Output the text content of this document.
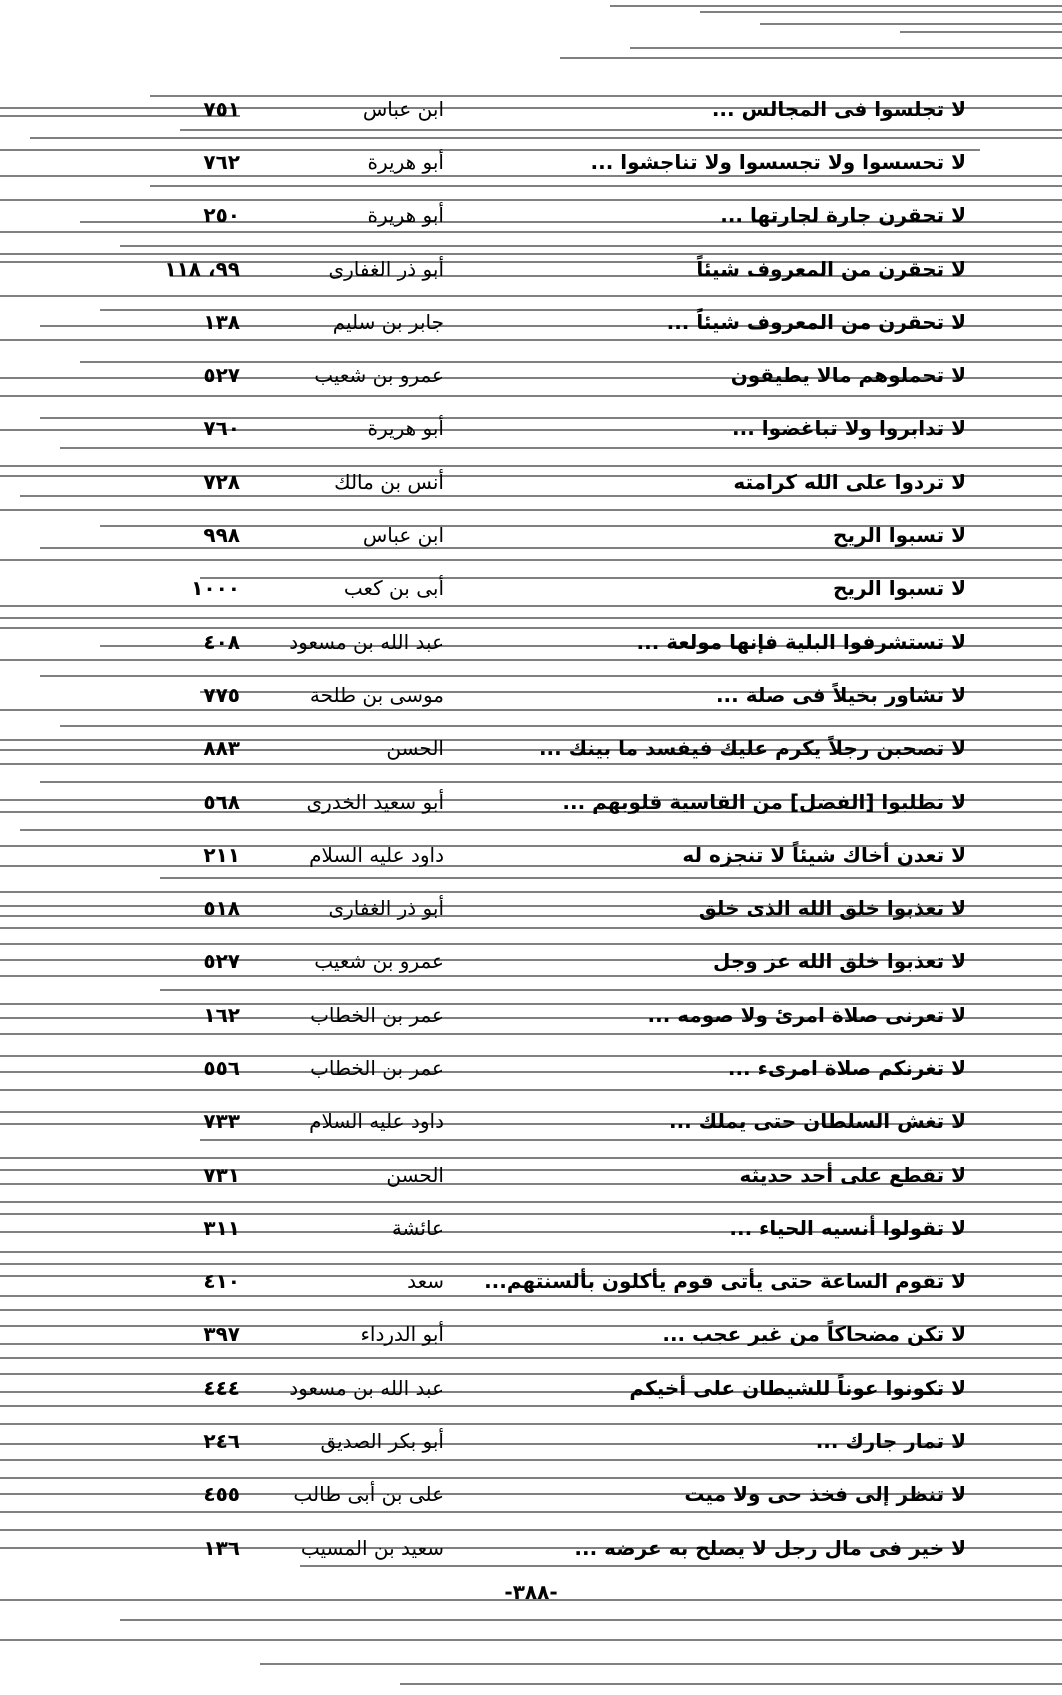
لا تجلسوا فى المجالس ...
ابن عباس
٧٥١
لا تحسسوا ولا تجسسوا ولا تناجشوا ...
أبو هريرة
٧٦٢
لا تحقرن جارة لجارتها ...
أبو هريرة
٢٥٠
لا تحقرن من المعروف شيئاً
أبو ذر الغفارى
٩٩، ١١٨
لا تحقرن من المعروف شيئاً ...
جابر بن سليم
١٣٨
لا تحملوهم مالا يطيقون
عمرو بن شعيب
٥٢٧
لا تدابروا ولا تباغضوا ...
أبو هريرة
٧٦٠
لا تردوا على الله كرامته
أنس بن مالك
٧٢٨
لا تسبوا الريح
ابن عباس
٩٩٨
لا تسبوا الريح
أبى بن كعب
١٠٠٠
لا تستشرفوا البلية فإنها مولعة ...
عبد الله بن مسعود
٤٠٨
لا تشاور بخيلاً فى صلة ...
موسى بن طلحة
٧٧٥
لا تصحبن رجلاً يكرم عليك فيفسد ما بينك ...
الحسن
٨٨٣
لا تطلبوا [الفضل] من القاسية قلوبهم ...
أبو سعيد الخدرى
٥٦٨
لا تعدن أخاك شيئاً لا تنجزه له
داود عليه السلام
٢١١
لا تعذبوا خلق الله الذى خلق
أبو ذر الغفارى
٥١٨
لا تعذبوا خلق الله عز وجل
عمرو بن شعيب
٥٢٧
لا تعرنى صلاة امرئ ولا صومه ...
عمر بن الخطاب
١٦٢
لا تغرنكم صلاة امرىء ...
عمر بن الخطاب
٥٥٦
لا تغش السلطان حتى يملك ...
داود عليه السلام
٧٣٣
لا تقطع على أحد حديثه
الحسن
٧٣١
لا تقولوا أنسيه الحياء ...
عائشة
٣١١
لا تقوم الساعة حتى يأتى قوم يأكلون بألسنتهم...
سعد
٤١٠
لا تكن مضحاكاً من غير عجب ...
أبو الدرداء
٣٩٧
لا تكونوا عوناً للشيطان على أخيكم
عبد الله بن مسعود
٤٤٤
لا تمار جارك ...
أبو بكر الصديق
٢٤٦
لا تنظر إلى فخذ حى ولا ميت
على بن أبى طالب
٤٥٥
لا خير فى مال رجل لا يصلح به عرضه ...
سعيد بن المسيب
١٣٦
-٣٨٨-
